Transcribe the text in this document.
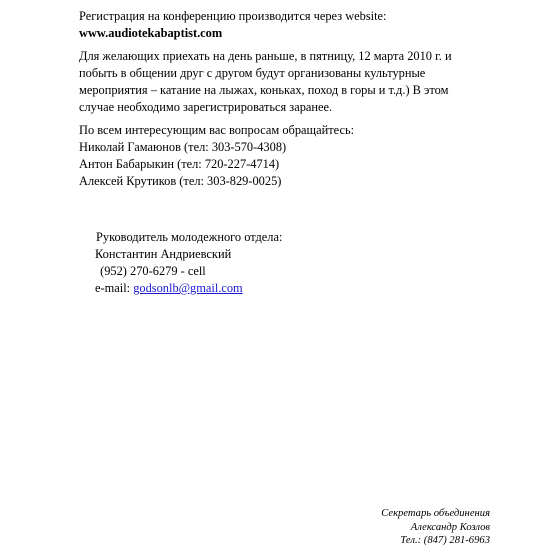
Регистрация на конференцию производится через website:
www.audiotekabaptist.com

Для желающих приехать на день раньше, в пятницу, 12 марта 2010 г. и побыть в общении друг с другом будут организованы культурные мероприятия – катание на лыжах, коньках, поход в горы и т.д.) В этом случае необходимо зарегистрироваться заранее.

По всем интересующим вас вопросам обращайтесь:

Николай Гамаюнов (тел: 303-570-4308)

Антон Бабарыкин (тел: 720-227-4714)

Алексей Крутиков (тел: 303-829-0025)

Руководитель молодежного отдела:
Константин Андриевский
(952) 270-6279 - cell
e-mail: godsonlb@gmail.com
Секретарь объединения
Александр Козлов
Тел.: (847) 281-6963
